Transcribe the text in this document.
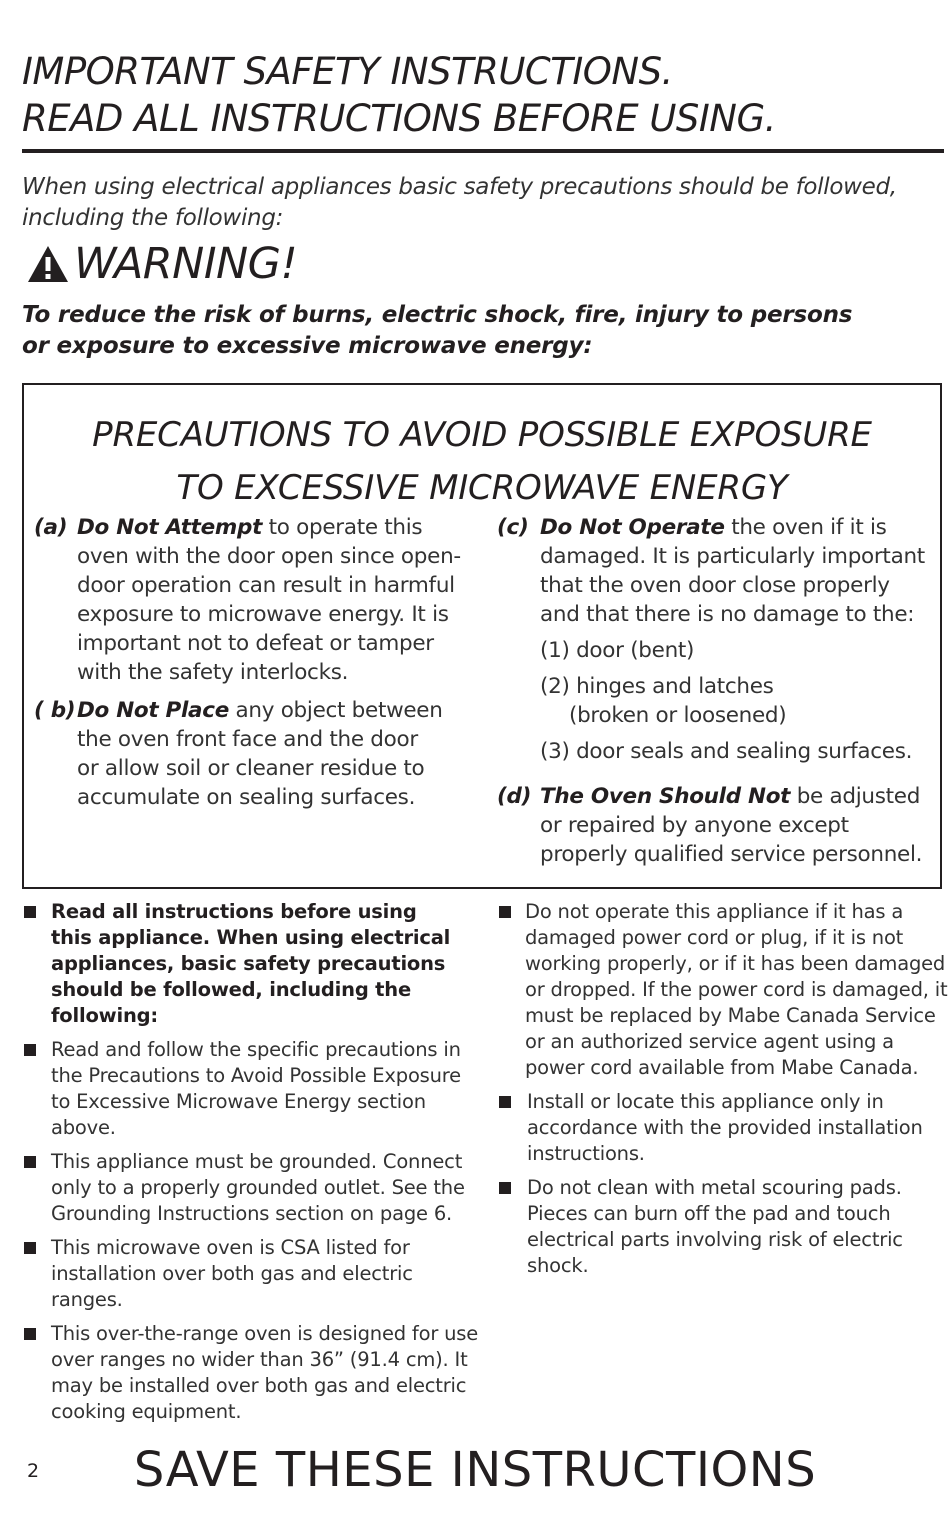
IMPORTANT SAFETY INSTRUCTIONS.
READ ALL INSTRUCTIONS BEFORE USING.
When using electrical appliances basic safety precautions should be followed, including the following:
WARNING!
To reduce the risk of burns, electric shock, fire, injury to persons
or exposure to excessive microwave energy:
PRECAUTIONS TO AVOID POSSIBLE EXPOSURE
TO EXCESSIVE MICROWAVE ENERGY
(a) Do Not Attempt to operate this
oven with the door open since open-
door operation can result in harmful
exposure to microwave energy. It is
important not to defeat or tamper
with the safety interlocks.
( b) Do Not Place any object between
the oven front face and the door
or allow soil or cleaner residue to
accumulate on sealing surfaces.
(c) Do Not Operate the oven if it is
damaged. It is particularly important
that the oven door close properly
and that there is no damage to the:
(1) door (bent)
(2) hinges and latches
(broken or loosened)
(3) door seals and sealing surfaces.
(d) The Oven Should Not be adjusted
or repaired by anyone except
properly qualified service personnel.
Read all instructions before using
this appliance. When using electrical
appliances, basic safety precautions
should be followed, including the
following:
Read and follow the specific precautions in
the Precautions to Avoid Possible Exposure
to Excessive Microwave Energy section
above.
This appliance must be grounded. Connect
only to a properly grounded outlet. See the
Grounding Instructions section on page 6.
This microwave oven is CSA listed for
installation over both gas and electric
ranges.
This over-the-range oven is designed for use
over ranges no wider than 36” (91.4 cm). It
may be installed over both gas and electric
cooking equipment.
Do not operate this appliance if it has a
damaged power cord or plug, if it is not
working properly, or if it has been damaged
or dropped. If the power cord is damaged, it
must be replaced by Mabe Canada Service
or an authorized service agent using a
power cord available from Mabe Canada.
Install or locate this appliance only in
accordance with the provided installation
instructions.
Do not clean with metal scouring pads.
Pieces can burn off the pad and touch
electrical parts involving risk of electric
shock.
2	SAVE THESE INSTRUCTIONS
